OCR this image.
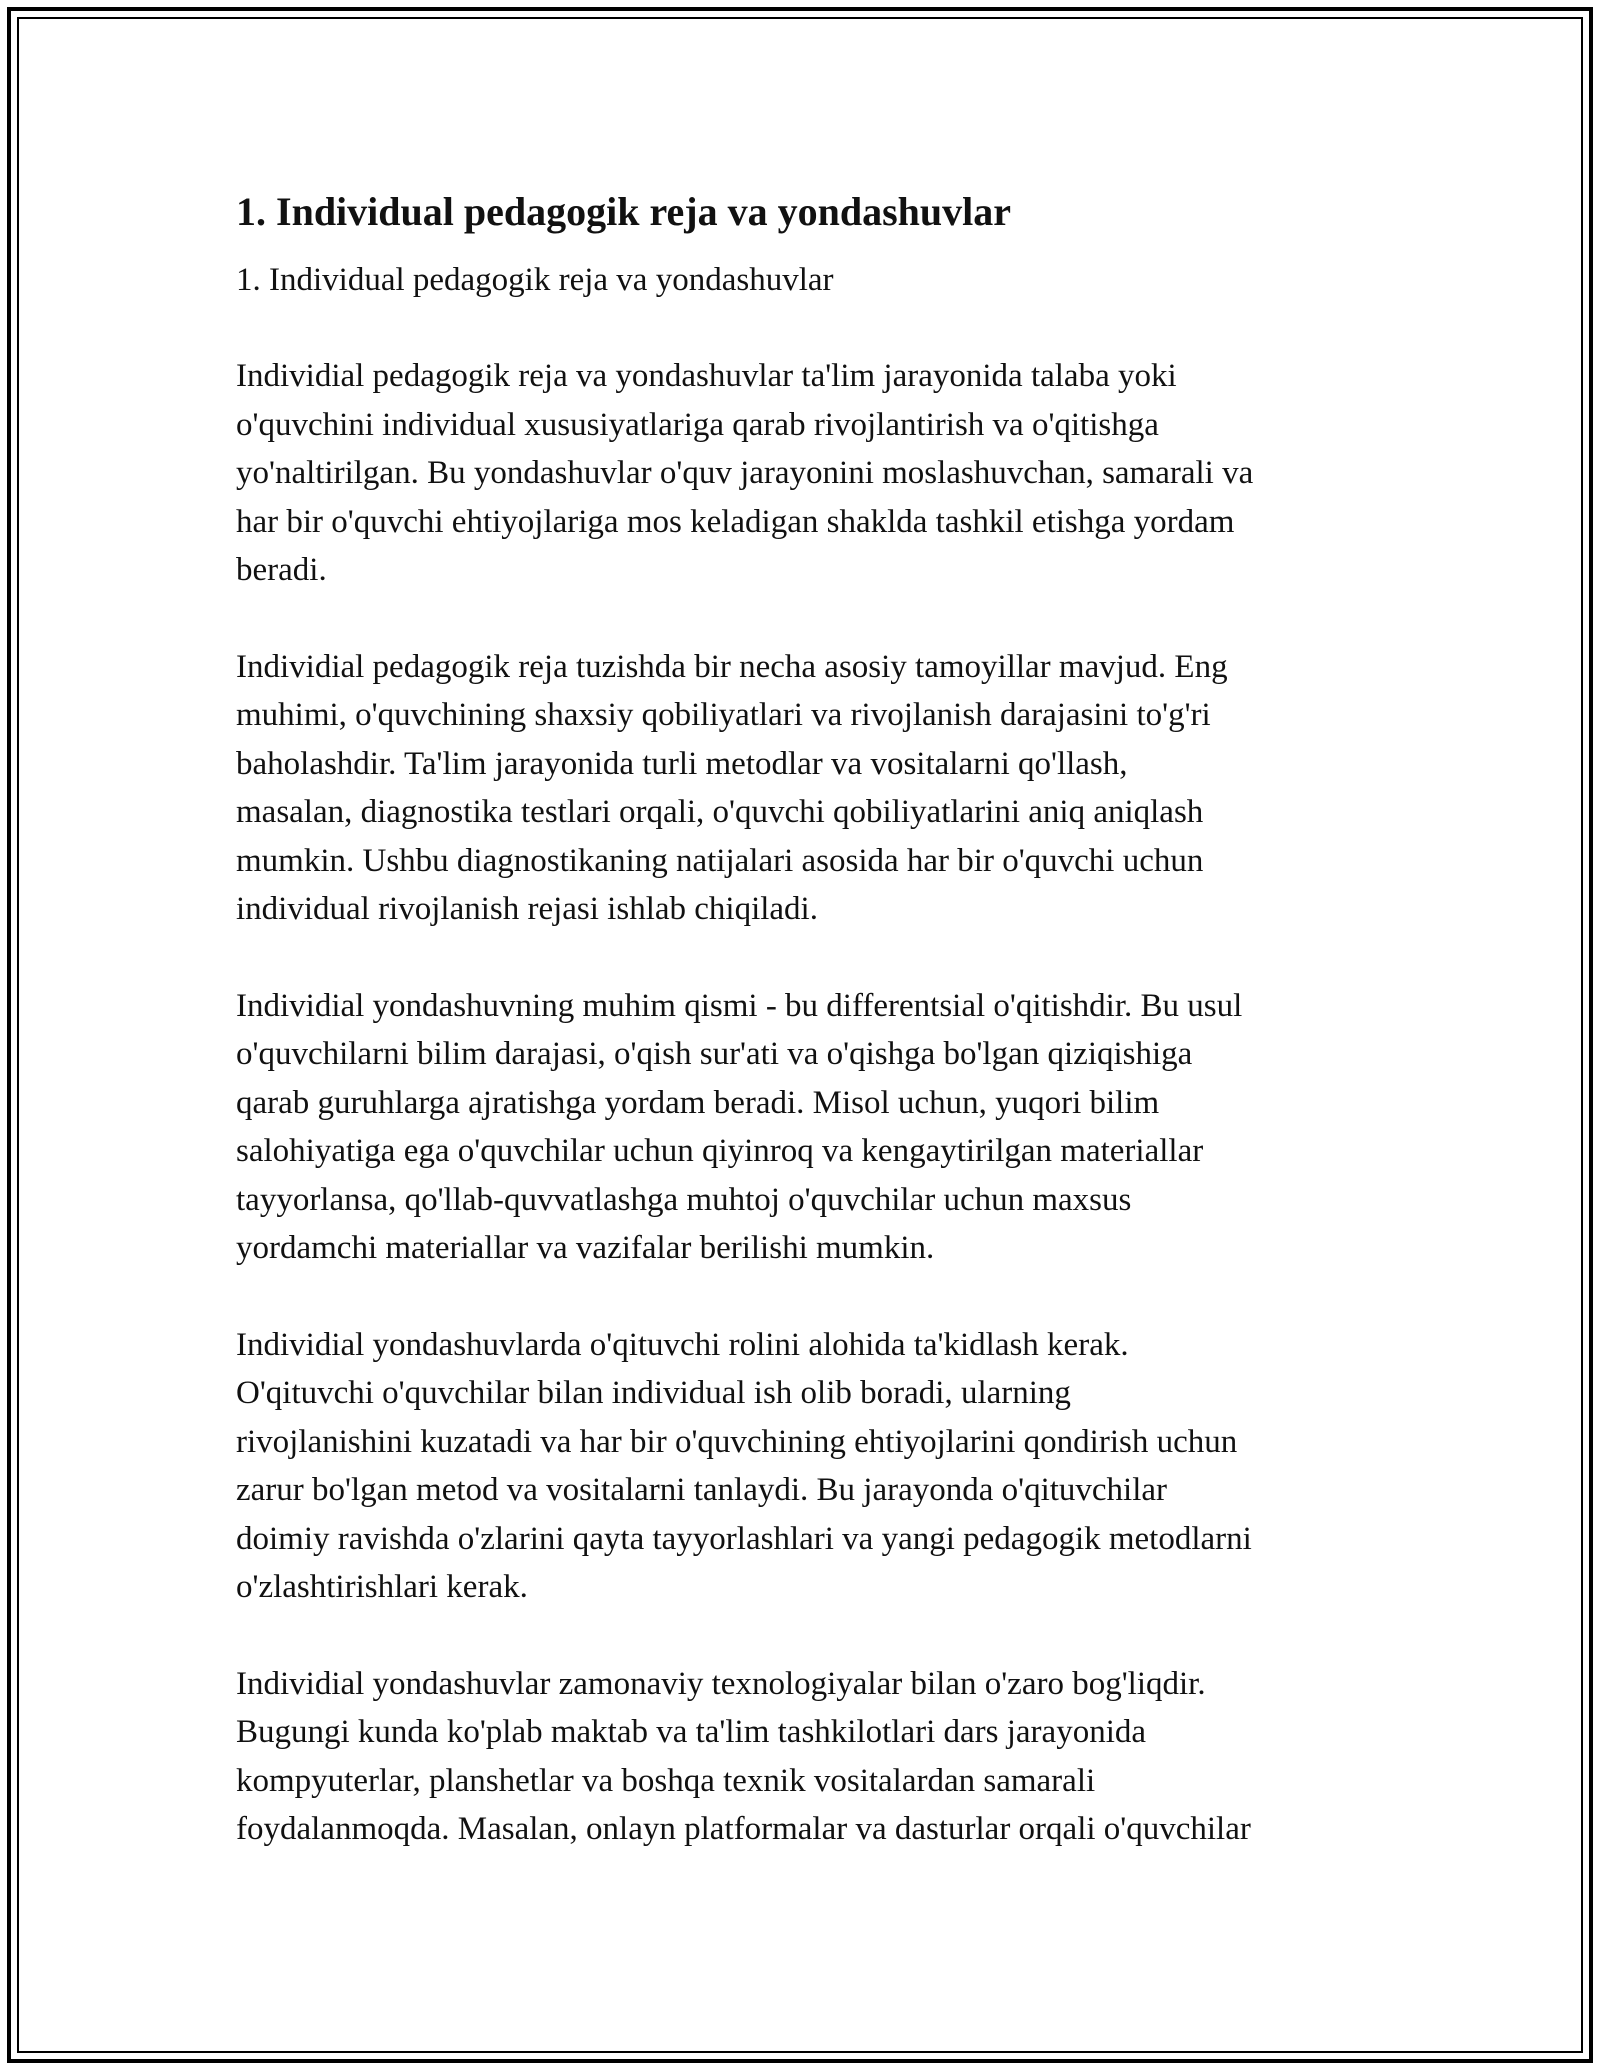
1. Individual pedagogik reja va yondashuvlar
1. Individual pedagogik reja va yondashuvlar
Individial pedagogik reja va yondashuvlar ta'lim jarayonida talaba yoki
o'quvchini individual xususiyatlariga qarab rivojlantirish va o'qitishga
yo'naltirilgan. Bu yondashuvlar o'quv jarayonini moslashuvchan, samarali va
har bir o'quvchi ehtiyojlariga mos keladigan shaklda tashkil etishga yordam
beradi.
Individial pedagogik reja tuzishda bir necha asosiy tamoyillar mavjud. Eng
muhimi, o'quvchining shaxsiy qobiliyatlari va rivojlanish darajasini to'g'ri
baholashdir. Ta'lim jarayonida turli metodlar va vositalarni qo'llash,
masalan, diagnostika testlari orqali, o'quvchi qobiliyatlarini aniq aniqlash
mumkin. Ushbu diagnostikaning natijalari asosida har bir o'quvchi uchun
individual rivojlanish rejasi ishlab chiqiladi.
Individial yondashuvning muhim qismi - bu differentsial o'qitishdir. Bu usul
o'quvchilarni bilim darajasi, o'qish sur'ati va o'qishga bo'lgan qiziqishiga
qarab guruhlarga ajratishga yordam beradi. Misol uchun, yuqori bilim
salohiyatiga ega o'quvchilar uchun qiyinroq va kengaytirilgan materiallar
tayyorlansa, qo'llab-quvvatlashga muhtoj o'quvchilar uchun maxsus
yordamchi materiallar va vazifalar berilishi mumkin.
Individial yondashuvlarda o'qituvchi rolini alohida ta'kidlash kerak.
O'qituvchi o'quvchilar bilan individual ish olib boradi, ularning
rivojlanishini kuzatadi va har bir o'quvchining ehtiyojlarini qondirish uchun
zarur bo'lgan metod va vositalarni tanlaydi. Bu jarayonda o'qituvchilar
doimiy ravishda o'zlarini qayta tayyorlashlari va yangi pedagogik metodlarni
o'zlashtirishlari kerak.
Individial yondashuvlar zamonaviy texnologiyalar bilan o'zaro bog'liqdir.
Bugungi kunda ko'plab maktab va ta'lim tashkilotlari dars jarayonida
kompyuterlar, planshetlar va boshqa texnik vositalardan samarali
foydalanmoqda. Masalan, onlayn platformalar va dasturlar orqali o'quvchilar
